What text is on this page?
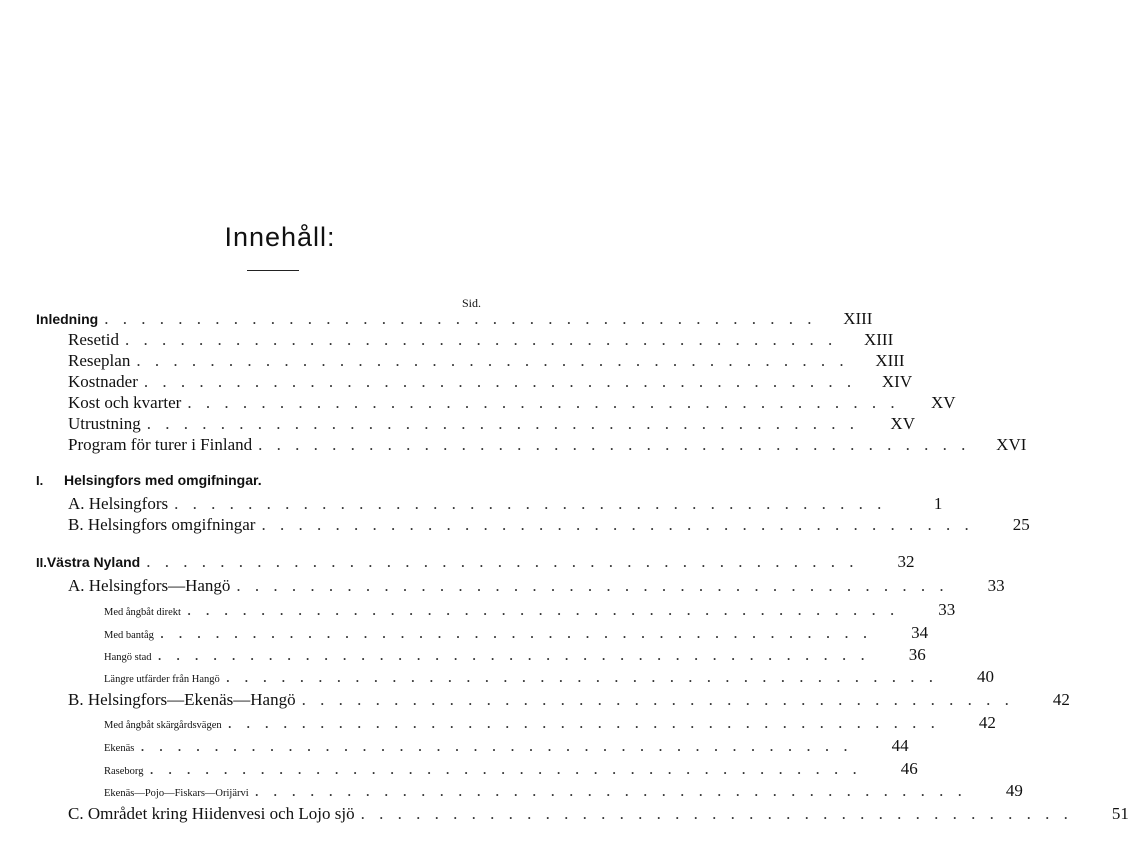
Innehåll:
Sid.
Inledning . . . . . . . . . . . . . . . . . . . . . . . . . . . . . . . . . . . . . . .	XIII
Resetid . . . . . . . . . . . . . . . . . . . . . . . . . . . . . . . . . . . . . . .	XIII
Reseplan . . . . . . . . . . . . . . . . . . . . . . . . . . . . . . . . . . . . . . .	XIII
Kostnader . . . . . . . . . . . . . . . . . . . . . . . . . . . . . . . . . . . . . . .	XIV
Kost och kvarter . . . . . . . . . . . . . . . . . . . . . . . . . . . . . . . . . . . . . . .	XV
Utrustning . . . . . . . . . . . . . . . . . . . . . . . . . . . . . . . . . . . . . . .	XV
Program för turer i Finland . . . . . . . . . . . . . . . . . . . . . . . . . . . . . . . . . . . . . . .	XVI
I.	Helsingfors med omgifningar.
A. Helsingfors . . . . . . . . . . . . . . . . . . . . . . . . . . . . . . . . . . . . . . .	1
B. Helsingfors omgifningar . . . . . . . . . . . . . . . . . . . . . . . . . . . . . . . . . . . . . . .	25
II. Västra Nyland . . . . . . . . . . . . . . . . . . . . . . . . . . . . . . . . . . . . . . .	32
A. Helsingfors—Hangö . . . . . . . . . . . . . . . . . . . . . . . . . . . . . . . . . . . . . . .	33
Med ångbåt direkt . . . . . . . . . . . . . . . . . . . . . . . . . . . . . . . . . . . . . . .	33
Med bantåg . . . . . . . . . . . . . . . . . . . . . . . . . . . . . . . . . . . . . . .	34
Hangö stad . . . . . . . . . . . . . . . . . . . . . . . . . . . . . . . . . . . . . . .	36
Längre utfärder från Hangö . . . . . . . . . . . . . . . . . . . . . . . . . . . . . . . . . . . . . . .	40
B. Helsingfors—Ekenäs—Hangö . . . . . . . . . . . . . . . . . . . . . . . . . . . . . . . . . . . . . . .	42
Med ångbåt skärgårdsvägen . . . . . . . . . . . . . . . . . . . . . . . . . . . . . . . . . . . . . . .	42
Ekenäs . . . . . . . . . . . . . . . . . . . . . . . . . . . . . . . . . . . . . . .	44
Raseborg . . . . . . . . . . . . . . . . . . . . . . . . . . . . . . . . . . . . . . .	46
Ekenäs—Pojo—Fiskars—Orijärvi . . . . . . . . . . . . . . . . . . . . . . . . . . . . . . . . . . . . . . .	49
C. Området kring Hiidenvesi och Lojo sjö . . . . . . . . . . . . . . . . . . . . . . . . . . . . . . . . . . . . . . .	51
